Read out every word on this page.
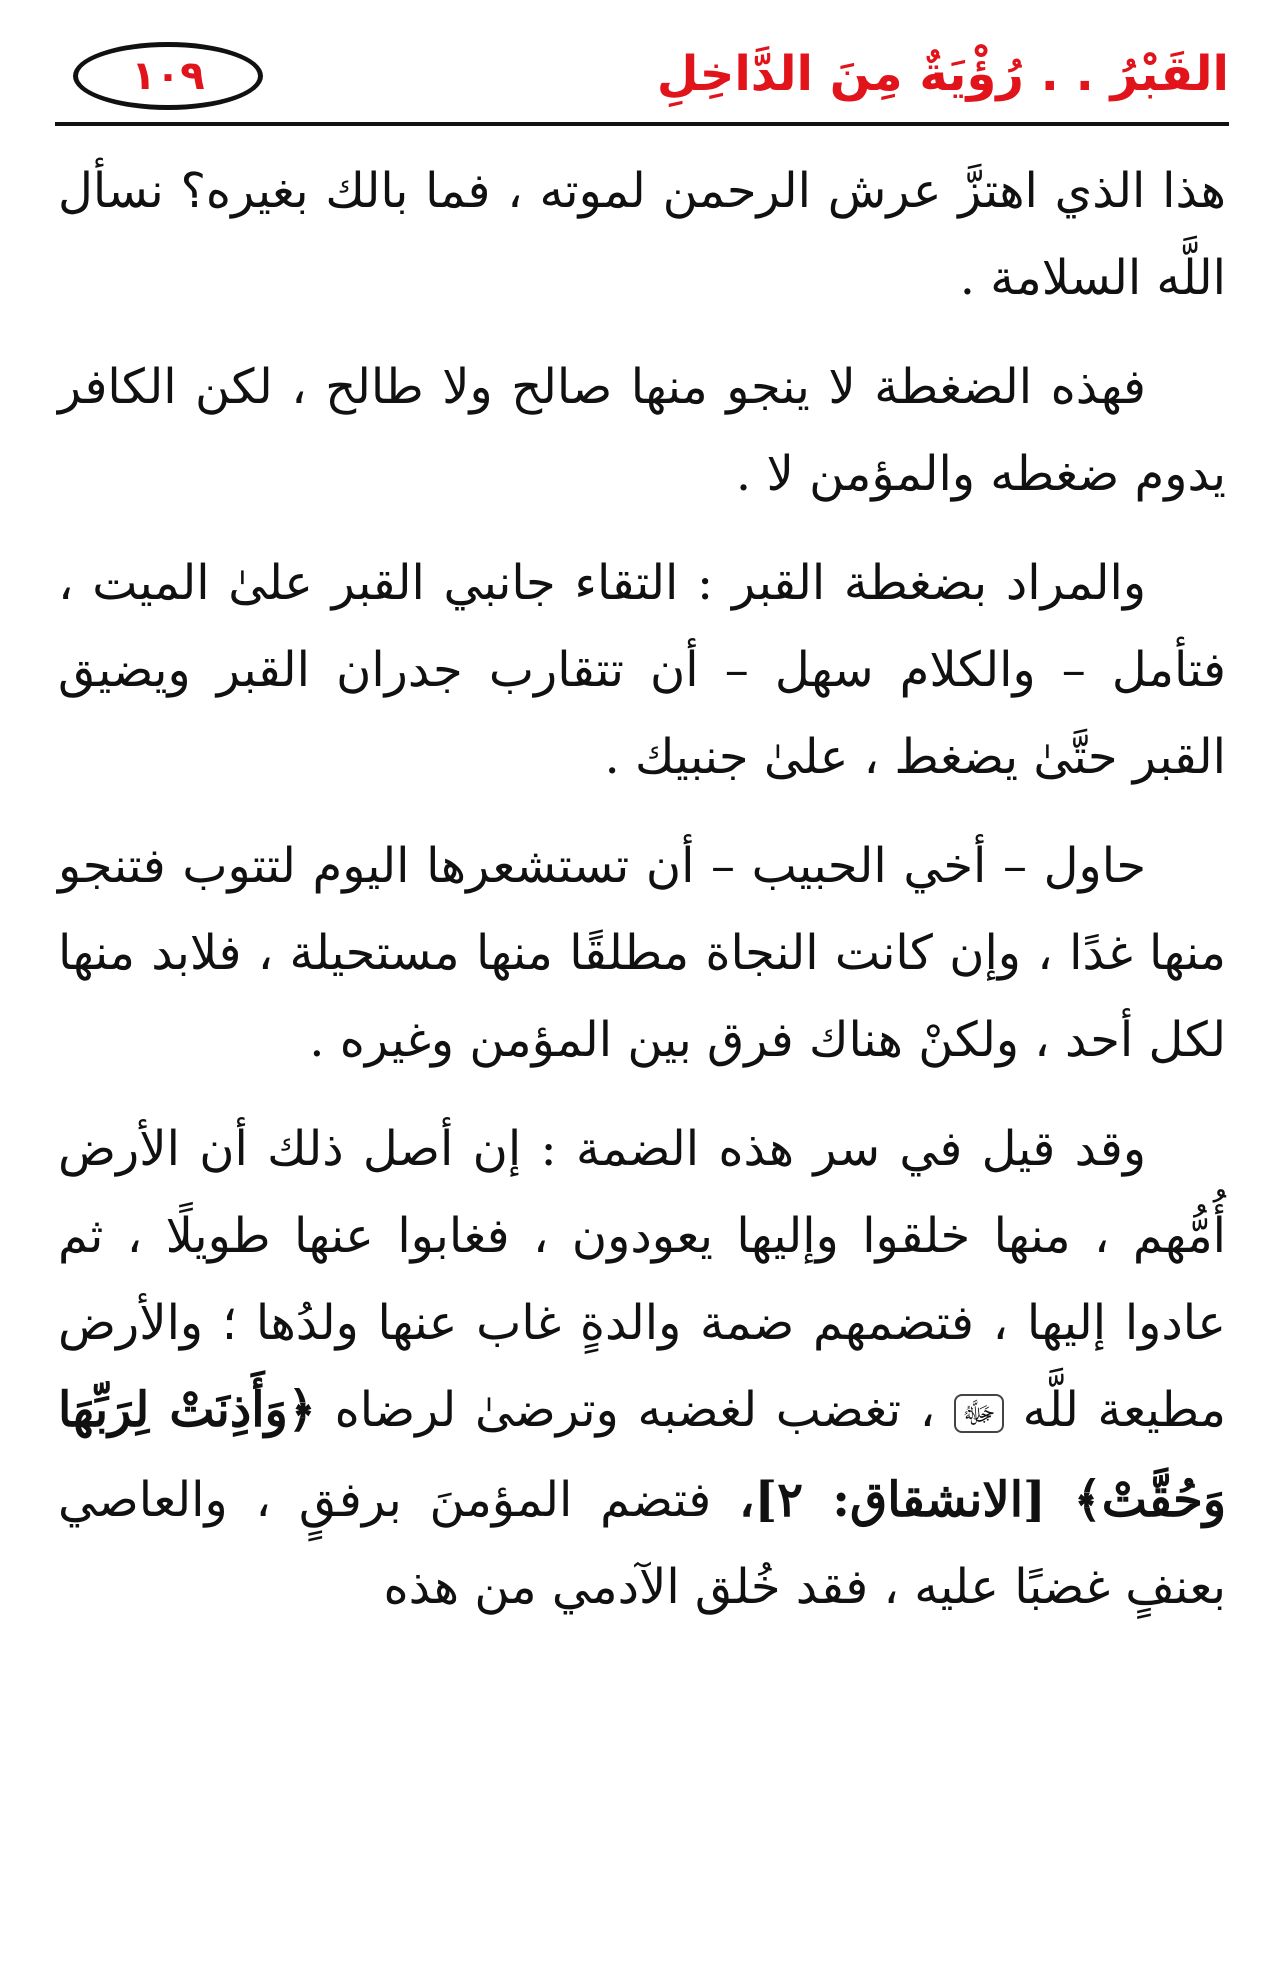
القَبْرُ . . رُؤْيَةٌ مِنَ الدَّاخِلِ
١٠٩

هذا الذي اهتزَّ عرش الرحمن لموته ، فما بالك بغيره؟ نسأل اللَّه السلامة .

فهذه الضغطة لا ينجو منها صالح ولا طالح ، لكن الكافر يدوم ضغطه والمؤمن لا .

والمراد بضغطة القبر : التقاء جانبي القبر علىٰ الميت ، فتأمل – والكلام سهل – أن تتقارب جدران القبر ويضيق القبر حتَّىٰ يضغط ، علىٰ جنبيك .

حاول – أخي الحبيب – أن تستشعرها اليوم لتتوب فتنجو منها غدًا ، وإن كانت النجاة مطلقًا منها مستحيلة ، فلابد منها لكل أحد ، ولكنْ هناك فرق بين المؤمن وغيره .

وقد قيل في سر هذه الضمة : إن أصل ذلك أن الأرض أُمُّهم ، منها خلقوا وإليها يعودون ، فغابوا عنها طويلًا ، ثم عادوا إليها ، فتضمهم ضمة والدةٍ غاب عنها ولدُها ؛ والأرض مطيعة للَّه ﷻ ، تغضب لغضبه وترضىٰ لرضاه ﴿وَأَذِنَتْ لِرَبِّهَا وَحُقَّتْ﴾ [الانشقاق: ٢]، فتضم المؤمنَ برفقٍ ، والعاصي بعنفٍ غضبًا عليه ، فقد خُلق الآدمي من هذه
